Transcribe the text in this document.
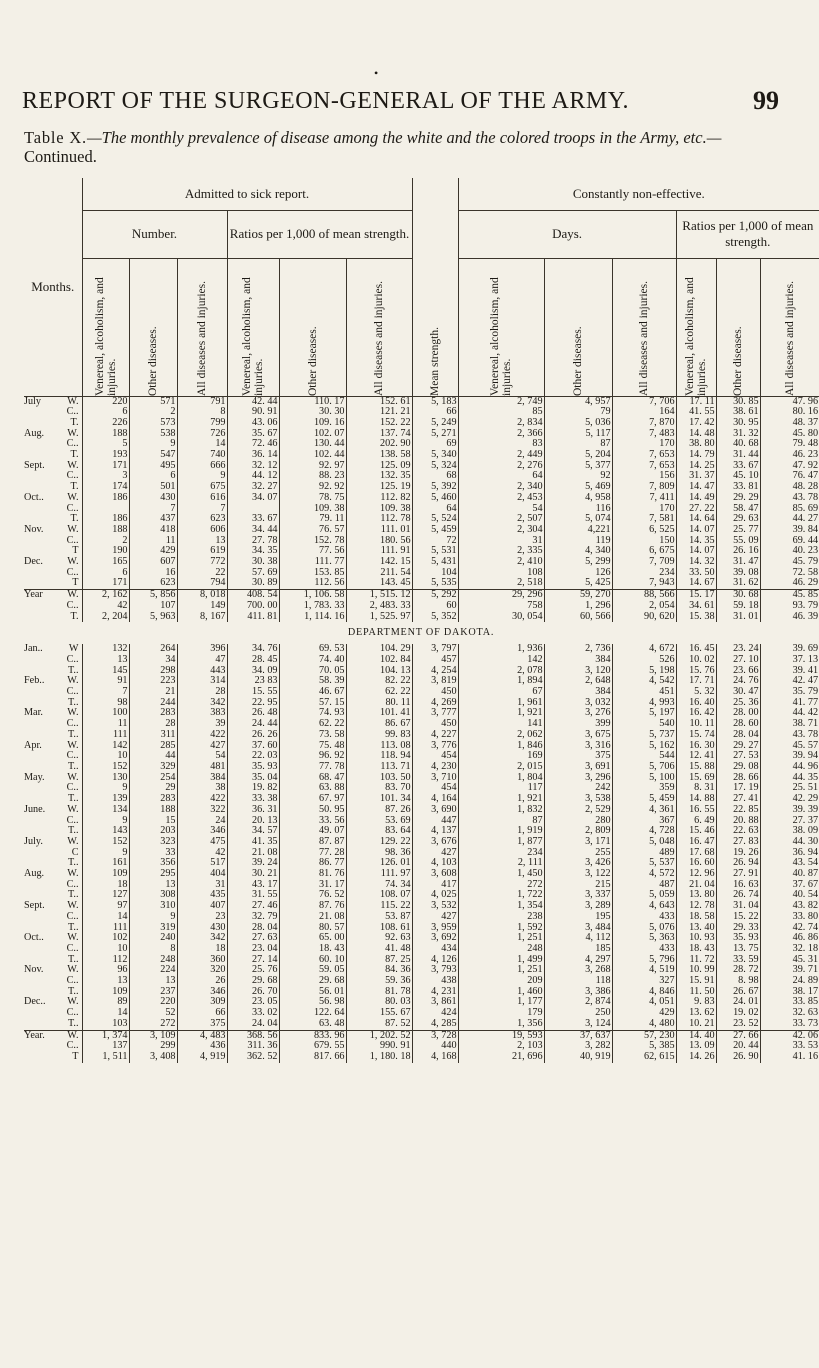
•
REPORT OF THE SURGEON-GENERAL OF THE ARMY.	99
Table X.—The monthly prevalence of disease among the white and the colored troops in the Army, etc.—Continued.
Months.	Admitted to sick report.							Constantly non-effective.					
	Number.			Ratios per 1,000 of mean strength.				Days.			Ratios per 1,000 of mean strength.		

	Venereal, alcoholism, and injuries.	Other diseases.	All diseases and injuries.	Venereal, alcoholism, and injuries.	Other diseases.	All diseases and injuries.	Mean strength.	Venereal, alcoholism, and injuries.	Other diseases.	All diseases and injuries.	Venereal, alcoholism, and injuries.	Other diseases.	All diseases and injuries.

July W.	220	571	791	42. 44	110. 17	152. 61	5, 183	2, 749	4, 957	7, 706	17. 11	30. 85	47. 96

C..	6	2	8	90. 91	30. 30	121. 21	66	85	79	164	41. 55	38. 61	80. 16

T.	226	573	799	43. 06	109. 16	152. 22	5, 249	2, 834	5, 036	7, 870	17. 42	30. 95	48. 37
Aug. W.	188	538	726	35. 67	102. 07	137. 74	5, 271	2, 366	5, 117	7, 483	14. 48	31. 32	45. 80

C..	5	9	14	72. 46	130. 44	202. 90	69	83	87	170	38. 80	40. 68	79. 48

T.	193	547	740	36. 14	102. 44	138. 58	5, 340	2, 449	5, 204	7, 653	14. 79	31. 44	46. 23
Sept. W.	171	495	666	32. 12	92. 97	125. 09	5, 324	2, 276	5, 377	7, 653	14. 25	33. 67	47. 92

C..	3	6	9	44. 12	88. 23	132. 35	68	64	92	156	31. 37	45. 10	76. 47

T.	174	501	675	32. 27	92. 92	125. 19	5, 392	2, 340	5, 469	7, 809	14. 47	33. 81	48. 28
Oct.. W.	186	430	616	34. 07	78. 75	112. 82	5, 460	2, 453	4, 958	7, 411	14. 49	29. 29	43. 78

C..		7	7		109. 38	109. 38	64	54	116	170	27. 22	58. 47	85. 69

T.	186	437	623	33. 67	79. 11	112. 78	5, 524	2, 507	5, 074	7, 581	14. 64	29. 63	44. 27
Nov. W.	188	418	606	34. 44	76. 57	111. 01	5, 459	2, 304	4,221	6, 525	14. 07	25. 77	39. 84

C..	2	11	13	27. 78	152. 78	180. 56	72	31	119	150	14. 35	55. 09	69. 44

T	190	429	619	34. 35	77. 56	111. 91	5, 531	2, 335	4, 340	6, 675	14. 07	26. 16	40. 23
Dec. W.	165	607	772	30. 38	111. 77	142. 15	5, 431	2, 410	5, 299	7, 709	14. 32	31. 47	45. 79

C..	6	16	22	57. 69	153. 85	211. 54	104	108	126	234	33. 50	39. 08	72. 58

T	171	623	794	30. 89	112. 56	143. 45	5, 535	2, 518	5, 425	7, 943	14. 67	31. 62	46. 29
Year W.	2, 162	5, 856	8, 018	408. 54	1, 106. 58	1, 515. 12	5, 292	29, 296	59, 270	88, 566	15. 17	30. 68	45. 85

C..	42	107	149	700. 00	1, 783. 33	2, 483. 33	60	758	1, 296	2, 054	34. 61	59. 18	93. 79

T.	2, 204	5, 963	8, 167	411. 81	1, 114. 16	1, 525. 97	5, 352	30, 054	60, 566	90, 620	15. 38	31. 01	46. 39
DEPARTMENT OF DAKOTA.													
Jan.. W	132	264	396	34. 76	69. 53	104. 29	3, 797	1, 936	2, 736	4, 672	16. 45	23. 24	39. 69

C..	13	34	47	28. 45	74. 40	102. 84	457	142	384	526	10. 02	27. 10	37. 13

T..	145	298	443	34. 09	70. 05	104. 13	4, 254	2, 078	3, 120	5, 198	15. 76	23. 66	39. 41
Feb.. W.	91	223	314	23 83	58. 39	82. 22	3, 819	1, 894	2, 648	4, 542	17. 71	24. 76	42. 47

C..	7	21	28	15. 55	46. 67	62. 22	450	67	384	451	5. 32	30. 47	35. 79

T..	98	244	342	22. 95	57. 15	80. 11	4, 269	1, 961	3, 032	4, 993	16. 40	25. 36	41. 77
Mar. W.	100	283	383	26. 48	74. 93	101. 41	3, 777	1, 921	3, 276	5, 197	16. 42	28. 00	44. 42

C..	11	28	39	24. 44	62. 22	86. 67	450	141	399	540	10. 11	28. 60	38. 71

T..	111	311	422	26. 26	73. 58	99. 83	4, 227	2, 062	3, 675	5, 737	15. 74	28. 04	43. 78
Apr. W.	142	285	427	37. 60	75. 48	113. 08	3, 776	1, 846	3, 316	5, 162	16. 30	29. 27	45. 57

C..	10	44	54	22. 03	96. 92	118. 94	454	169	375	544	12. 41	27. 53	39. 94

T..	152	329	481	35. 93	77. 78	113. 71	4, 230	2, 015	3, 691	5, 706	15. 88	29. 08	44. 96
May. W.	130	254	384	35. 04	68. 47	103. 50	3, 710	1, 804	3, 296	5, 100	15. 69	28. 66	44. 35

C..	9	29	38	19. 82	63. 88	83. 70	454	117	242	359	8. 31	17. 19	25. 51

T..	139	283	422	33. 38	67. 97	101. 34	4, 164	1, 921	3, 538	5, 459	14. 88	27. 41	42. 29
June. W.	134	188	322	36. 31	50. 95	87. 26	3, 690	1, 832	2, 529	4, 361	16. 55	22. 85	39. 39

C..	9	15	24	20. 13	33. 56	53. 69	447	87	280	367	6. 49	20. 88	27. 37

T..	143	203	346	34. 57	49. 07	83. 64	4, 137	1, 919	2, 809	4, 728	15. 46	22. 63	38. 09
July. W.	152	323	475	41. 35	87. 87	129. 22	3, 676	1, 877	3, 171	5, 048	16. 47	27. 83	44. 30

C	9	33	42	21. 08	77. 28	98. 36	427	234	255	489	17. 68	19. 26	36. 94

T..	161	356	517	39. 24	86. 77	126. 01	4, 103	2, 111	3, 426	5, 537	16. 60	26. 94	43. 54
Aug. W.	109	295	404	30. 21	81. 76	111. 97	3, 608	1, 450	3, 122	4, 572	12. 96	27. 91	40. 87

C..	18	13	31	43. 17	31. 17	74. 34	417	272	215	487	21. 04	16. 63	37. 67

T..	127	308	435	31. 55	76. 52	108. 07	4, 025	1, 722	3, 337	5, 059	13. 80	26. 74	40. 54
Sept. W.	97	310	407	27. 46	87. 76	115. 22	3, 532	1, 354	3, 289	4, 643	12. 78	31. 04	43. 82

C..	14	9	23	32. 79	21. 08	53. 87	427	238	195	433	18. 58	15. 22	33. 80

T..	111	319	430	28. 04	80. 57	108. 61	3, 959	1, 592	3, 484	5, 076	13. 40	29. 33	42. 74
Oct.. W.	102	240	342	27. 63	65. 00	92. 63	3, 692	1, 251	4, 112	5, 363	10. 93	35. 93	46. 86

C..	10	8	18	23. 04	18. 43	41. 48	434	248	185	433	18. 43	13. 75	32. 18

T..	112	248	360	27. 14	60. 10	87. 25	4, 126	1, 499	4, 297	5, 796	11. 72	33. 59	45. 31
Nov. W.	96	224	320	25. 76	59. 05	84. 36	3, 793	1, 251	3, 268	4, 519	10. 99	28. 72	39. 71

C..	13	13	26	29. 68	29. 68	59. 36	438	209	118	327	15. 91	8. 98	24. 89

T..	109	237	346	26. 70	56. 01	81. 78	4, 231	1, 460	3, 386	4, 846	11. 50	26. 67	38. 17
Dec.. W.	89	220	309	23. 05	56. 98	80. 03	3, 861	1, 177	2, 874	4, 051	9. 83	24. 01	33. 85

C..	14	52	66	33. 02	122. 64	155. 67	424	179	250	429	13. 62	19. 02	32. 63

T..	103	272	375	24. 04	63. 48	87. 52	4, 285	1, 356	3, 124	4, 480	10. 21	23. 52	33. 73
Year. W.	1, 374	3, 109	4, 483	368. 56	833. 96	1, 202. 52	3, 728	19, 593	37, 637	57, 230	14. 40	27. 66	42. 06

C..	137	299	436	311. 36	679. 55	990. 91	440	2, 103	3, 282	5, 385	13. 09	20. 44	33. 53

T	1, 511	3, 408	4, 919	362. 52	817. 66	1, 180. 18	4, 168	21, 696	40, 919	62, 615	14. 26	26. 90	41. 16
